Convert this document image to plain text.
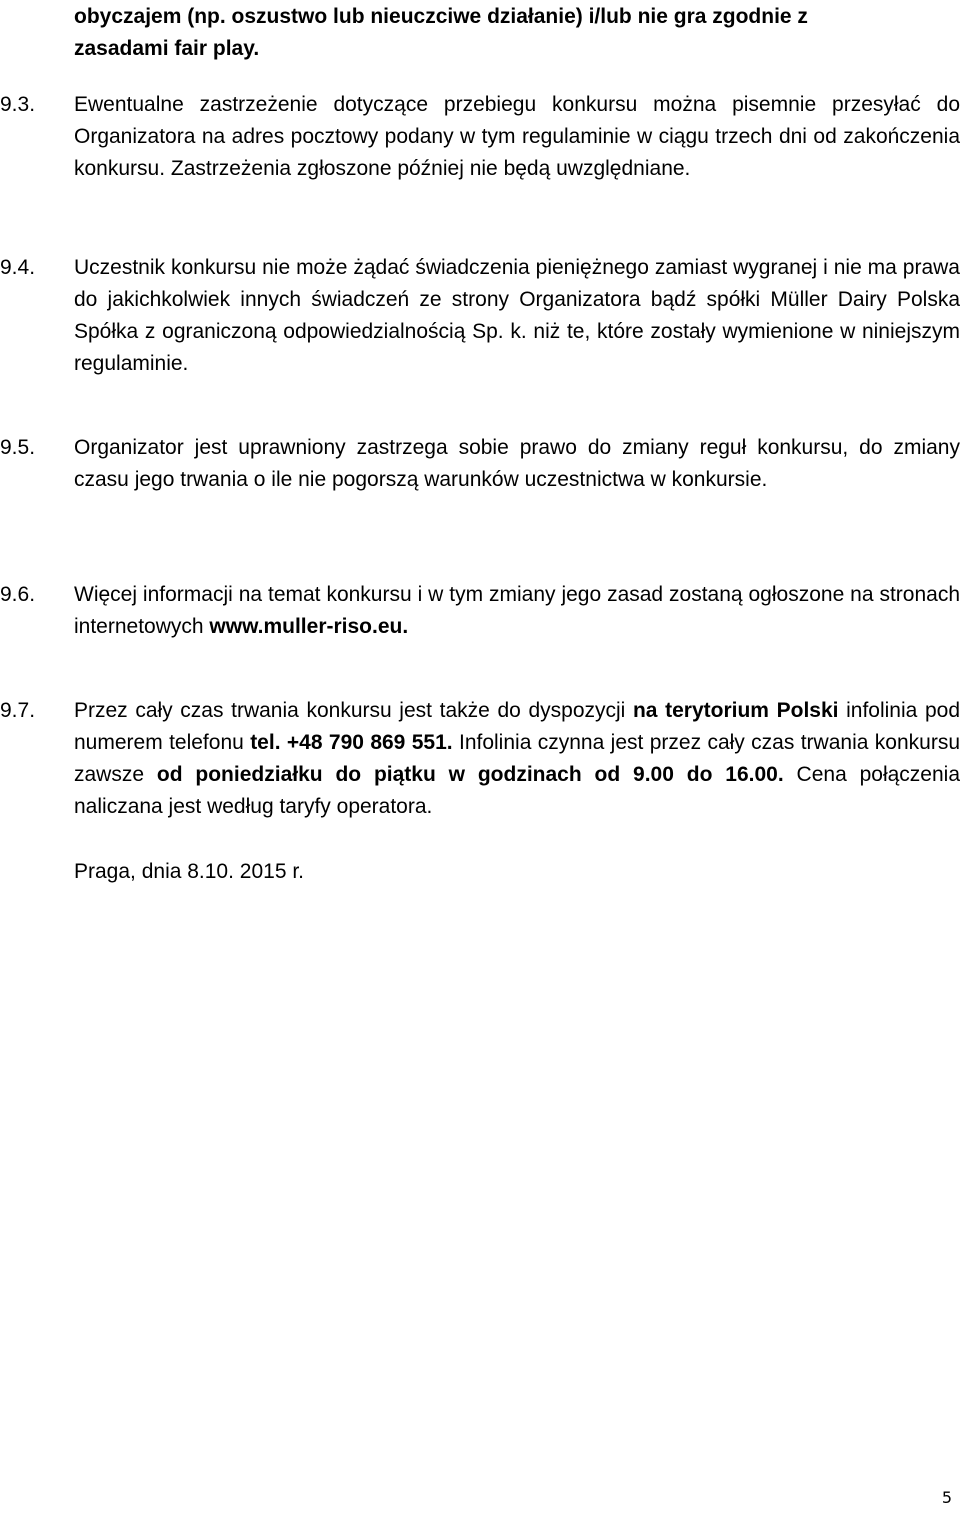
obyczajem (np. oszustwo lub nieuczciwe działanie) i/lub nie gra zgodnie z
zasadami fair play.
9.3.	Ewentualne zastrzeżenie dotyczące przebiegu konkursu można pisemnie przesyłać do Organizatora na adres pocztowy podany w tym regulaminie w ciągu trzech dni od zakończenia konkursu. Zastrzeżenia zgłoszone później nie będą uwzględniane.
9.4.	Uczestnik konkursu nie może żądać świadczenia pieniężnego zamiast wygranej i nie ma prawa do jakichkolwiek innych świadczeń ze strony Organizatora bądź spółki Müller Dairy Polska Spółka z ograniczoną odpowiedzialnością Sp. k. niż te, które zostały wymienione w niniejszym regulaminie.
9.5.	Organizator jest uprawniony zastrzega sobie prawo do zmiany reguł konkursu, do zmiany czasu jego trwania o ile nie pogorszą warunków uczestnictwa w konkursie.
9.6.	Więcej informacji na temat konkursu i w tym zmiany jego zasad zostaną ogłoszone na stronach internetowych www.muller-riso.eu.
9.7.	Przez cały czas trwania konkursu jest także do dyspozycji na terytorium Polski infolinia pod numerem telefonu tel. +48 790 869 551. Infolinia czynna jest przez cały czas trwania konkursu zawsze od poniedziałku do piątku w godzinach od 9.00 do 16.00. Cena połączenia naliczana jest według taryfy operatora.
Praga, dnia 8.10. 2015 r.
5
